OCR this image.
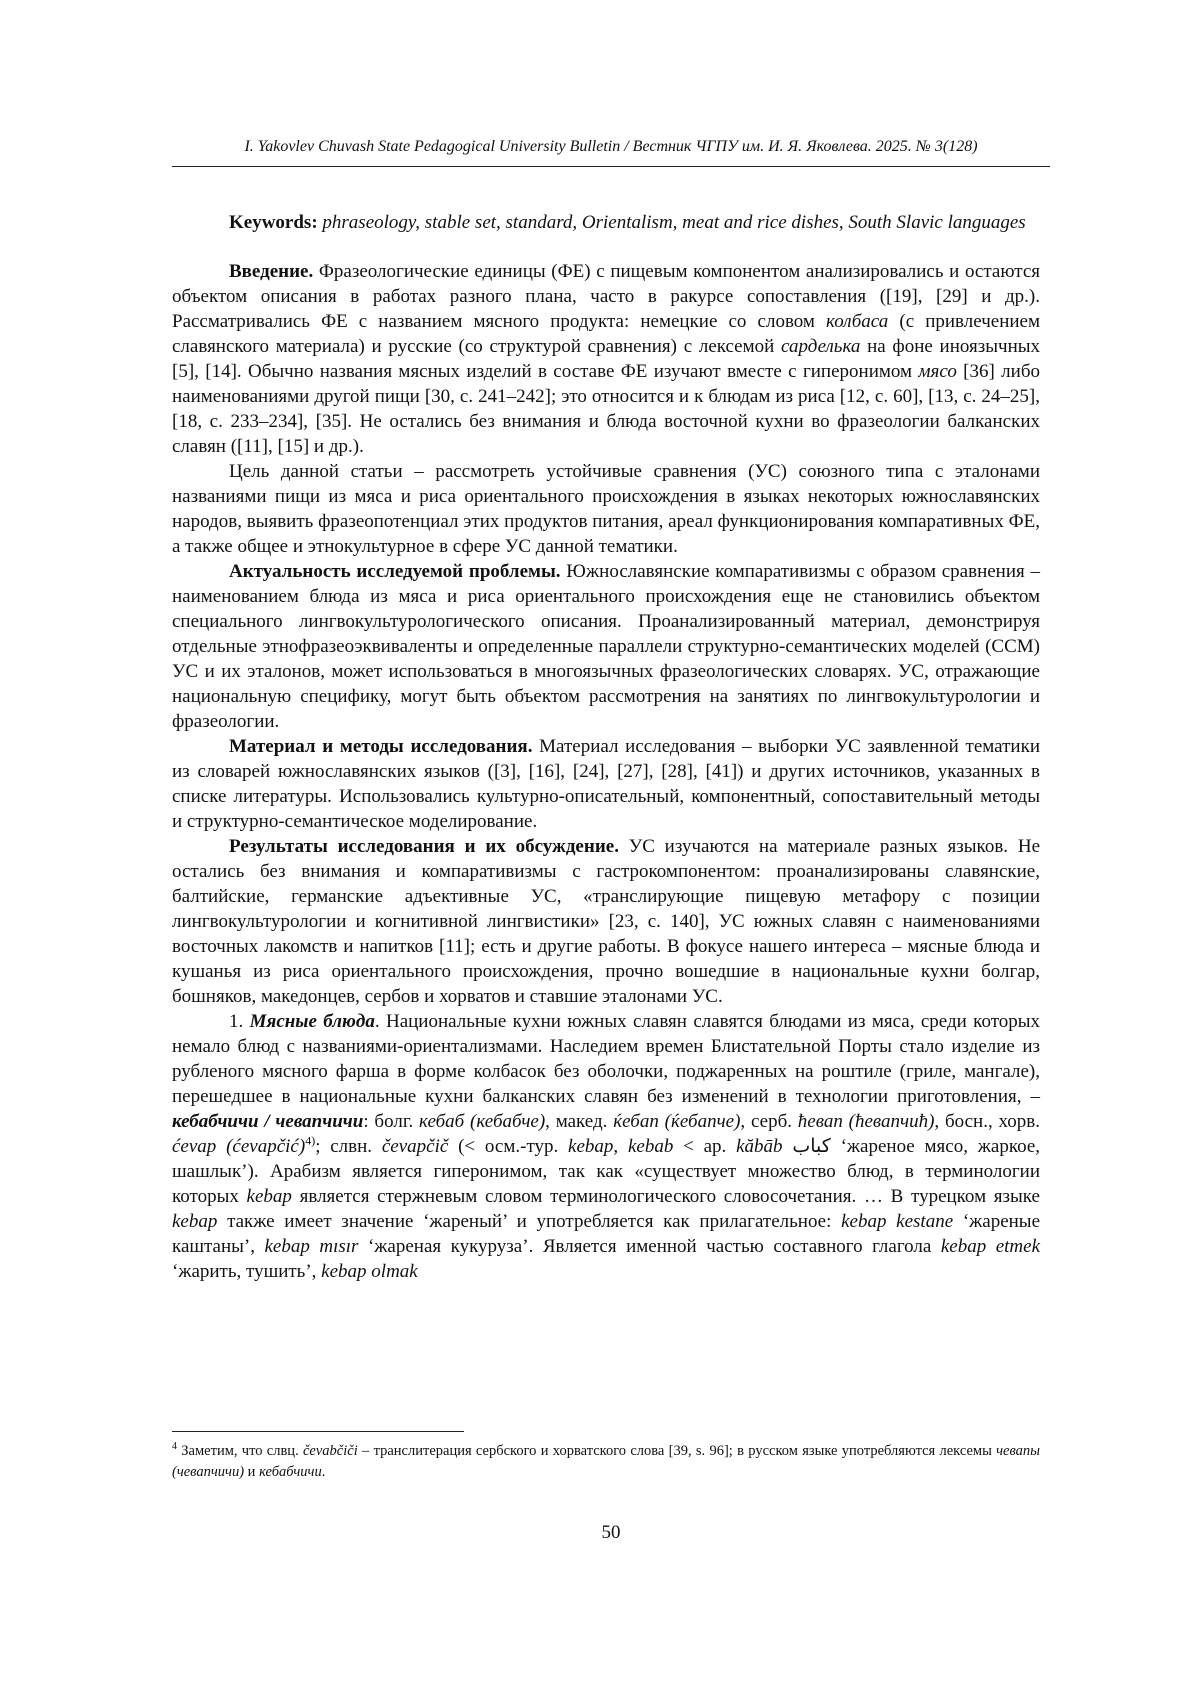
I. Yakovlev Chuvash State Pedagogical University Bulletin / Вестник ЧГПУ им. И. Я. Яковлева. 2025. № 3(128)

Keywords: phraseology, stable set, standard, Orientalism, meat and rice dishes, South Slavic languages

Введение. Фразеологические единицы (ФЕ) с пищевым компонентом анализировались и остаются объектом описания в работах разного плана, часто в ракурсе сопоставления ([19], [29] и др.). Рассматривались ФЕ с названием мясного продукта: немецкие со словом колбаса (с привлечением славянского материала) и русские (со структурой сравнения) с лексемой сарделька на фоне иноязычных [5], [14]. Обычно названия мясных изделий в составе ФЕ изучают вместе с гиперонимом мясо [36] либо наименованиями другой пищи [30, с. 241–242]; это относится и к блюдам из риса [12, с. 60], [13, с. 24–25], [18, с. 233–234], [35]. Не остались без внимания и блюда восточной кухни во фразеологии балканских славян ([11], [15] и др.).

Цель данной статьи – рассмотреть устойчивые сравнения (УС) союзного типа с эталонами названиями пищи из мяса и риса ориентального происхождения в языках некоторых южнославянских народов, выявить фразеопотенциал этих продуктов питания, ареал функционирования компаративных ФЕ, а также общее и этнокультурное в сфере УС данной тематики.

Актуальность исследуемой проблемы. Южнославянские компаративизмы с образом сравнения – наименованием блюда из мяса и риса ориентального происхождения еще не становились объектом специального лингвокультурологического описания. Проанализированный материал, демонстрируя отдельные этнофразеоэквиваленты и определенные параллели структурно-семантических моделей (ССМ) УС и их эталонов, может использоваться в многоязычных фразеологических словарях. УС, отражающие национальную специфику, могут быть объектом рассмотрения на занятиях по лингвокультурологии и фразеологии.

Материал и методы исследования. Материал исследования – выборки УС заявленной тематики из словарей южнославянских языков ([3], [16], [24], [27], [28], [41]) и других источников, указанных в списке литературы. Использовались культурно-описательный, компонентный, сопоставительный методы и структурно-семантическое моделирование.

Результаты исследования и их обсуждение. УС изучаются на материале разных языков. Не остались без внимания и компаративизмы с гастрокомпонентом: проанализированы славянские, балтийские, германские адъективные УС, «транслирующие пищевую метафору с позиции лингвокультурологии и когнитивной лингвистики» [23, с. 140], УС южных славян с наименованиями восточных лакомств и напитков [11]; есть и другие работы. В фокусе нашего интереса – мясные блюда и кушанья из риса ориентального происхождения, прочно вошедшие в национальные кухни болгар, бошняков, македонцев, сербов и хорватов и ставшие эталонами УС.

1. Мясные блюда. Национальные кухни южных славян славятся блюдами из мяса, среди которых немало блюд с названиями-ориентализмами. Наследием времен Блистательной Порты стало изделие из рубленого мясного фарша в форме колбасок без оболочки, поджаренных на роштиле (гриле, мангале), перешедшее в национальные кухни балканских славян без изменений в технологии приготовления, – кебабчичи / чевапчичи: болг. кебаб (кебабче), макед. ќебап (ќебапче), серб. ћевап (ћевапчић), босн., хорв. ćevap (ćevapčić)$^{4)}$; слвн. čevapčič (< осм.-тур. kebap, kebab < ар. kăbāb كباب ‘жареное мясо, жаркое, шашлык’). Арабизм является гиперонимом, так как «существует множество блюд, в терминологии которых kebap является стержневым словом терминологического словосочетания. … В турецком языке kebap также имеет значение ‘жареный’ и употребляется как прилагательное: kebap kestane ‘жареные каштаны’, kebap mısır ‘жареная кукуруза’. Является именной частью составного глагола kebap etmek ‘жарить, тушить’, kebap olmak

$^4$ Заметим, что слвц. čevabčiči – транслитерация сербского и хорватского слова [39, s. 96]; в русском языке употребляются лексемы чевапы (чевапчичи) и кебабчичи.
50
